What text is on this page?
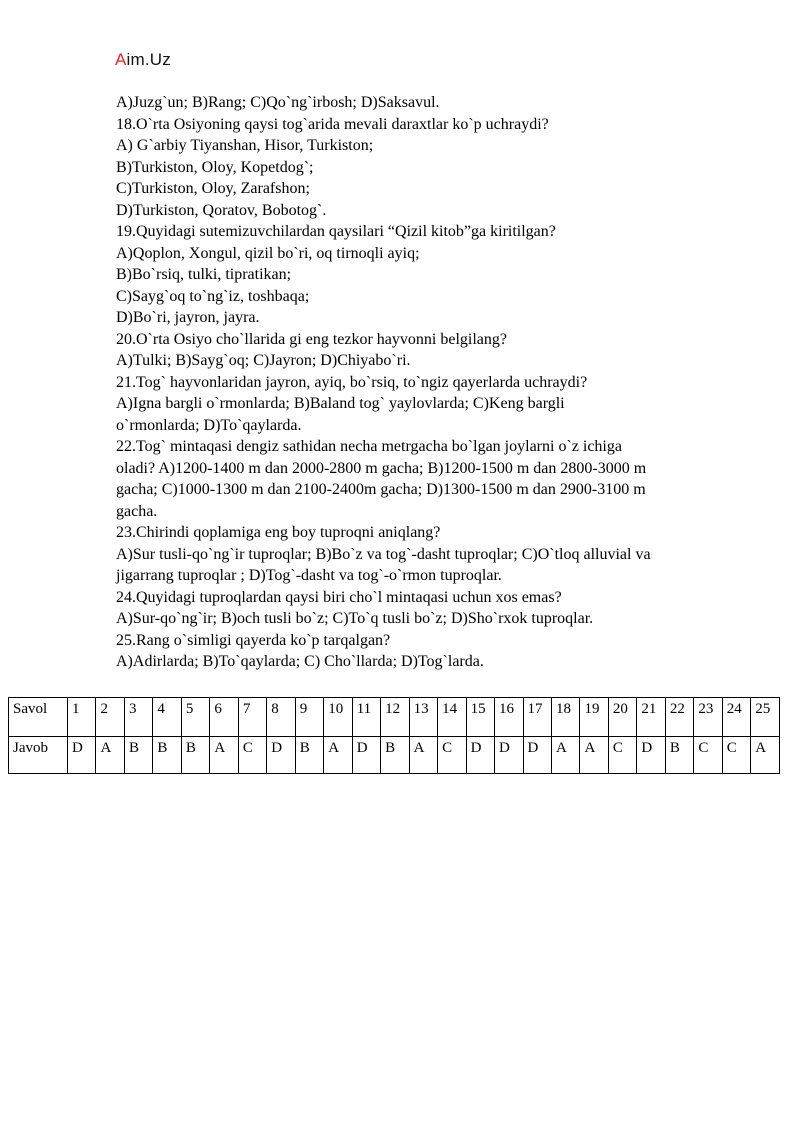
Aim.Uz
A)Juzg`un; B)Rang; C)Qo`ng`irbosh; D)Saksavul.
18.O`rta Osiyoning qaysi tog`arida mevali daraxtlar ko`p uchraydi?
A) G`arbiy Tiyanshan, Hisor, Turkiston;
B)Turkiston, Oloy, Kopetdog`;
C)Turkiston, Oloy, Zarafshon;
D)Turkiston, Qoratov, Bobotog`.
19.Quyidagi sutemizuvchilardan qaysilari “Qizil kitob”ga kiritilgan?
A)Qoplon, Xongul, qizil bo`ri, oq tirnoqli ayiq;
B)Bo`rsiq, tulki, tipratikan;
C)Sayg`oq to`ng`iz, toshbaqa;
D)Bo`ri, jayron, jayra.
20.O`rta Osiyo cho`llarida gi eng tezkor hayvonni belgilang?
A)Tulki; B)Sayg`oq; C)Jayron; D)Chiyabo`ri.
21.Tog` hayvonlaridan jayron, ayiq, bo`rsiq, to`ngiz qayerlarda uchraydi?
A)Igna bargli o`rmonlarda; B)Baland tog` yaylovlarda; C)Keng bargli
o`rmonlarda; D)To`qaylarda.
22.Tog` mintaqasi dengiz sathidan necha metrgacha bo`lgan joylarni o`z ichiga
oladi? A)1200-1400 m dan 2000-2800 m gacha; B)1200-1500 m dan 2800-3000 m
gacha; C)1000-1300 m dan 2100-2400m gacha; D)1300-1500 m dan 2900-3100 m
gacha.
23.Chirindi qoplamiga eng boy tuproqni aniqlang?
A)Sur tusli-qo`ng`ir tuproqlar; B)Bo`z va tog`-dasht tuproqlar; C)O`tloq alluvial va
jigarrang tuproqlar ; D)Tog`-dasht va tog`-o`rmon tuproqlar.
24.Quyidagi tuproqlardan qaysi biri cho`l mintaqasi uchun xos emas?
A)Sur-qo`ng`ir; B)och tusli bo`z; C)To`q tusli bo`z; D)Sho`rxok tuproqlar.
25.Rang o`simligi qayerda ko`p tarqalgan?
A)Adirlarda; B)To`qaylarda; C) Cho`llarda; D)Tog`larda.
Savol	1	2	3	4	5	6	7	8	9	10	11	12	13	14	15	16	17	18	19	20	21	22	23	24	25
Javob	D	A	B	B	B	A	C	D	B	A	D	B	A	C	D	D	D	A	A	C	D	B	C	C	A
